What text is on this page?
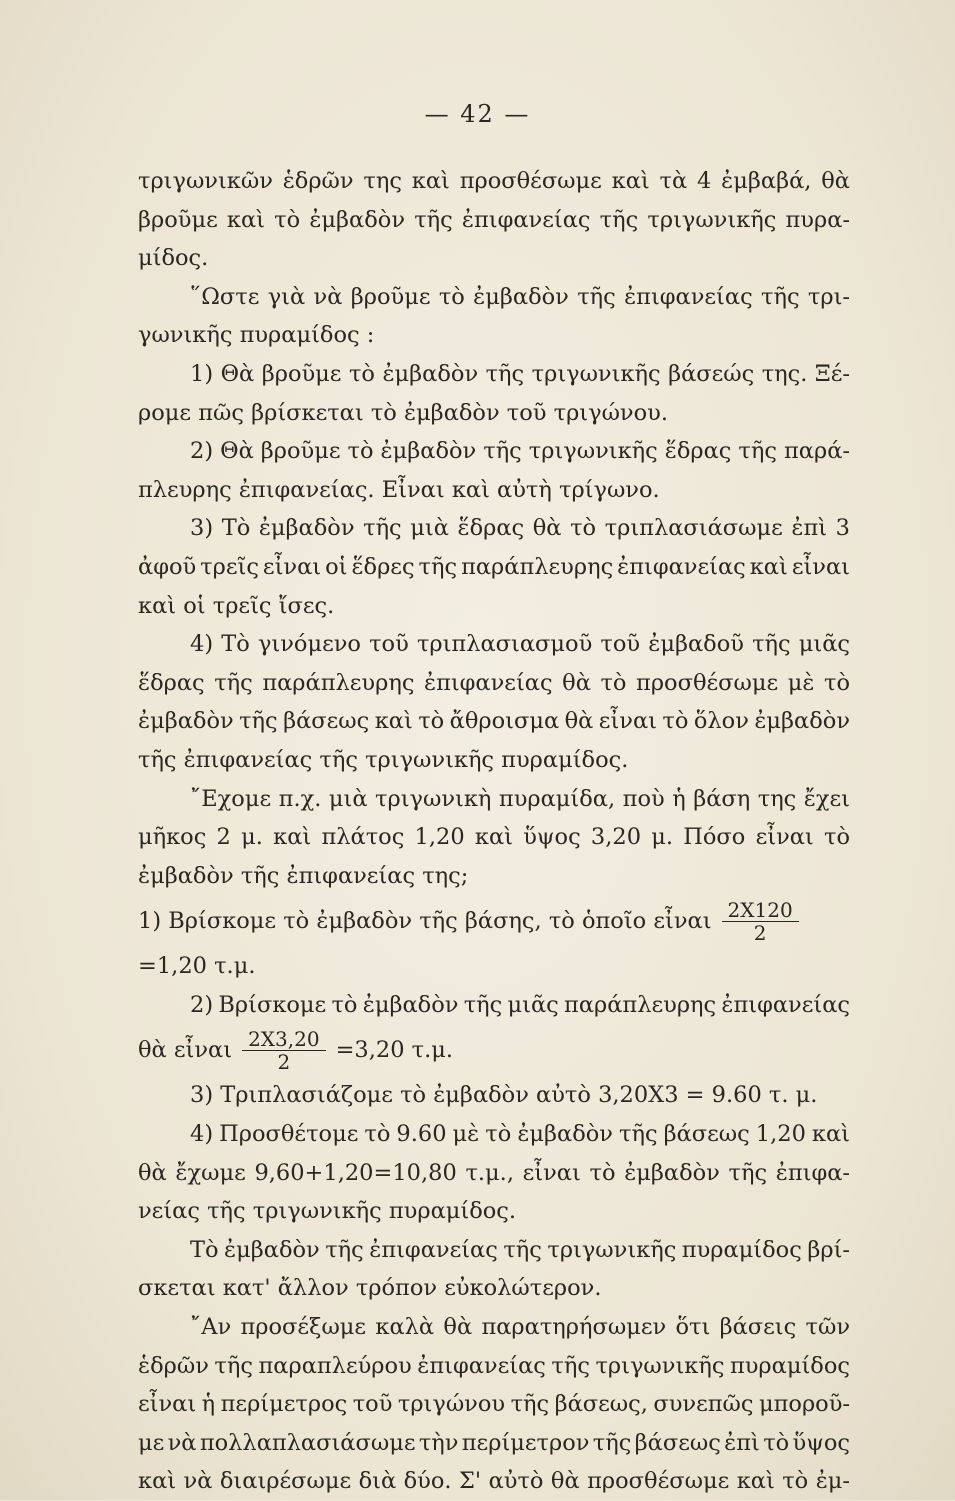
— 42 —
τριγωνικῶν ἑδρῶν της καὶ προσθέσωμε καὶ τὰ 4 ἐμβαβά, θὰ
βροῦμε καὶ τὸ ἐμβαδὸν τῆς ἐπιφανείας τῆς τριγωνικῆς πυρα-
μίδος.
῞Ωστε γιὰ νὰ βροῦμε τὸ ἐμβαδὸν τῆς ἐπιφανείας τῆς τρι-
γωνικῆς πυραμίδος :
1) Θὰ βροῦμε τὸ ἐμβαδὸν τῆς τριγωνικῆς βάσεώς της. Ξέ-
ρομε πῶς βρίσκεται τὸ ἐμβαδὸν τοῦ τριγώνου.
2) Θὰ βροῦμε τὸ ἐμβαδὸν τῆς τριγωνικῆς ἕδρας τῆς παρά-
πλευρης ἐπιφανείας. Εἶναι καὶ αὐτὴ τρίγωνο.
3) Τὸ ἐμβαδὸν τῆς μιὰ ἕδρας θὰ τὸ τριπλασιάσωμε ἐπὶ 3
ἀφοῦ τρεῖς εἶναι οἱ ἕδρες τῆς παράπλευρης ἐπιφανείας καὶ εἶναι
καὶ οἱ τρεῖς ἴσες.
4) Τὸ γινόμενο τοῦ τριπλασιασμοῦ τοῦ ἐμβαδοῦ τῆς μιᾶς
ἕδρας τῆς παράπλευρης ἐπιφανείας θὰ τὸ προσθέσωμε μὲ τὸ
ἐμβαδὸν τῆς βάσεως καὶ τὸ ἄθροισμα θὰ εἶναι τὸ ὅλον ἐμβαδὸν
τῆς ἐπιφανείας τῆς τριγωνικῆς πυραμίδος.
῎Εχομε π.χ. μιὰ τριγωνικὴ πυραμίδα, ποὺ ἡ βάση της ἔχει
μῆκος 2 μ. καὶ πλάτος 1,20 καὶ ὕψος 3,20 μ. Πόσο εἶναι τὸ
ἐμβαδὸν τῆς ἐπιφανείας της;
1) Βρίσκομε τὸ ἐμβαδὸν τῆς βάσης, τὸ ὁποῖο εἶναι $\frac{2X120}{2}$
=1,20 τ.μ.
2) Βρίσκομε τὸ ἐμβαδὸν τῆς μιᾶς παράπλευρης ἐπιφανείας
θὰ εἶναι $\frac{2X3,20}{2} =3,20$ τ.μ.
3) Τριπλασιάζομε τὸ ἐμβαδὸν αὐτὸ 3,20X3 = 9.60 τ. μ.
4) Προσθέτομε τὸ 9.60 μὲ τὸ ἐμβαδὸν τῆς βάσεως 1,20 καὶ
θὰ ἔχωμε 9,60+1,20=10,80 τ.μ., εἶναι τὸ ἐμβαδὸν τῆς ἐπιφα-
νείας τῆς τριγωνικῆς πυραμίδος.
Τὸ ἐμβαδὸν τῆς ἐπιφανείας τῆς τριγωνικῆς πυραμίδος βρί-
σκεται κατ' ἄλλον τρόπον εὐκολώτερον.
῎Αν προσέξωμε καλὰ θὰ παρατηρήσωμεν ὅτι βάσεις τῶν
ἑδρῶν τῆς παραπλεύρου ἐπιφανείας τῆς τριγωνικῆς πυραμίδος
εἶναι ἡ περίμετρος τοῦ τριγώνου τῆς βάσεως, συνεπῶς μποροῦ-
με νὰ πολλαπλασιάσωμε τὴν περίμετρον τῆς βάσεως ἐπὶ τὸ ὕψος
καὶ νὰ διαιρέσωμε διὰ δύο. Σ' αὐτὸ θὰ προσθέσωμε καὶ τὸ ἐμ-
